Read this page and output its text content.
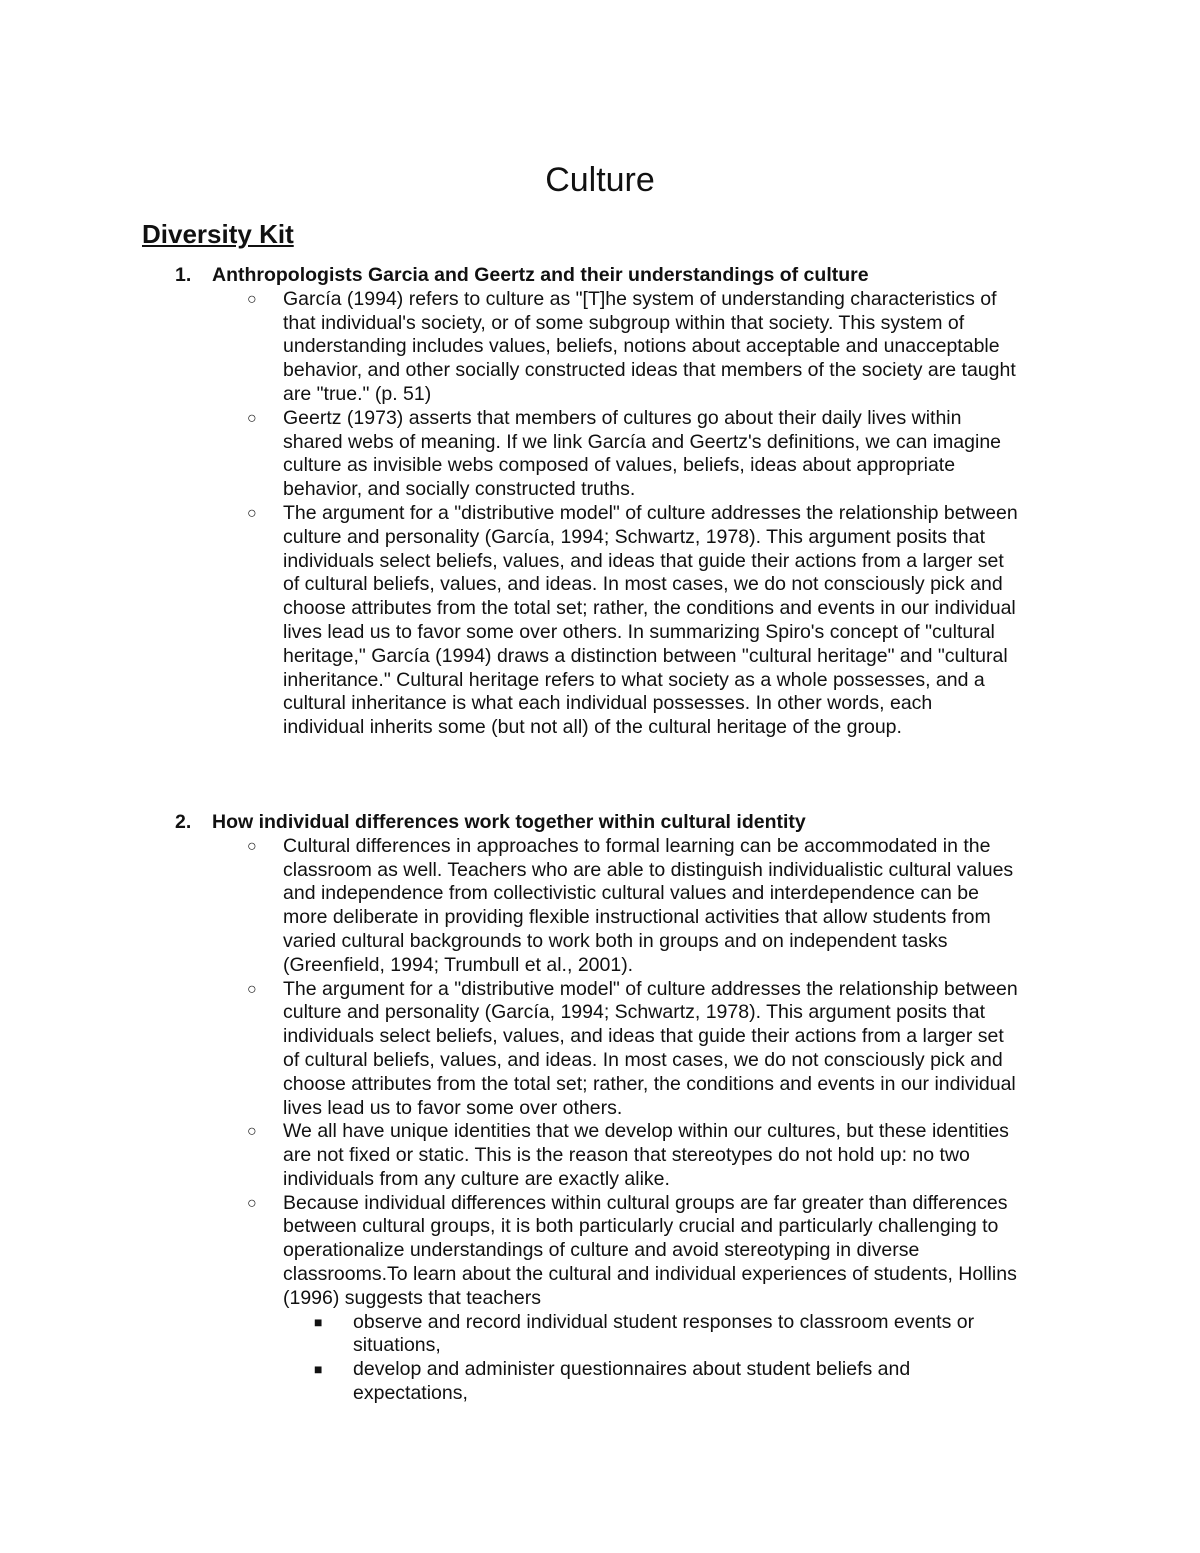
Culture
Diversity Kit
1. Anthropologists Garcia and Geertz and their understandings of culture
○ García (1994) refers to culture as "[T]he system of understanding characteristics of
that individual's society, or of some subgroup within that society. This system of
understanding includes values, beliefs, notions about acceptable and unacceptable
behavior, and other socially constructed ideas that members of the society are taught
are "true." (p. 51)
○ Geertz (1973) asserts that members of cultures go about their daily lives within
shared webs of meaning. If we link García and Geertz's definitions, we can imagine
culture as invisible webs composed of values, beliefs, ideas about appropriate
behavior, and socially constructed truths.
○ The argument for a "distributive model" of culture addresses the relationship between
culture and personality (García, 1994; Schwartz, 1978). This argument posits that
individuals select beliefs, values, and ideas that guide their actions from a larger set
of cultural beliefs, values, and ideas. In most cases, we do not consciously pick and
choose attributes from the total set; rather, the conditions and events in our individual
lives lead us to favor some over others. In summarizing Spiro's concept of "cultural
heritage," García (1994) draws a distinction between "cultural heritage" and "cultural
inheritance." Cultural heritage refers to what society as a whole possesses, and a
cultural inheritance is what each individual possesses. In other words, each
individual inherits some (but not all) of the cultural heritage of the group.
2. How individual differences work together within cultural identity
○ Cultural differences in approaches to formal learning can be accommodated in the
classroom as well. Teachers who are able to distinguish individualistic cultural values
and independence from collectivistic cultural values and interdependence can be
more deliberate in providing flexible instructional activities that allow students from
varied cultural backgrounds to work both in groups and on independent tasks
(Greenfield, 1994; Trumbull et al., 2001).
○ The argument for a "distributive model" of culture addresses the relationship between
culture and personality (García, 1994; Schwartz, 1978). This argument posits that
individuals select beliefs, values, and ideas that guide their actions from a larger set
of cultural beliefs, values, and ideas. In most cases, we do not consciously pick and
choose attributes from the total set; rather, the conditions and events in our individual
lives lead us to favor some over others.
○ We all have unique identities that we develop within our cultures, but these identities
are not fixed or static. This is the reason that stereotypes do not hold up: no two
individuals from any culture are exactly alike.
○ Because individual differences within cultural groups are far greater than differences
between cultural groups, it is both particularly crucial and particularly challenging to
operationalize understandings of culture and avoid stereotyping in diverse
classrooms.To learn about the cultural and individual experiences of students, Hollins
(1996) suggests that teachers
■ observe and record individual student responses to classroom events or
situations,
■ develop and administer questionnaires about student beliefs and
expectations,
